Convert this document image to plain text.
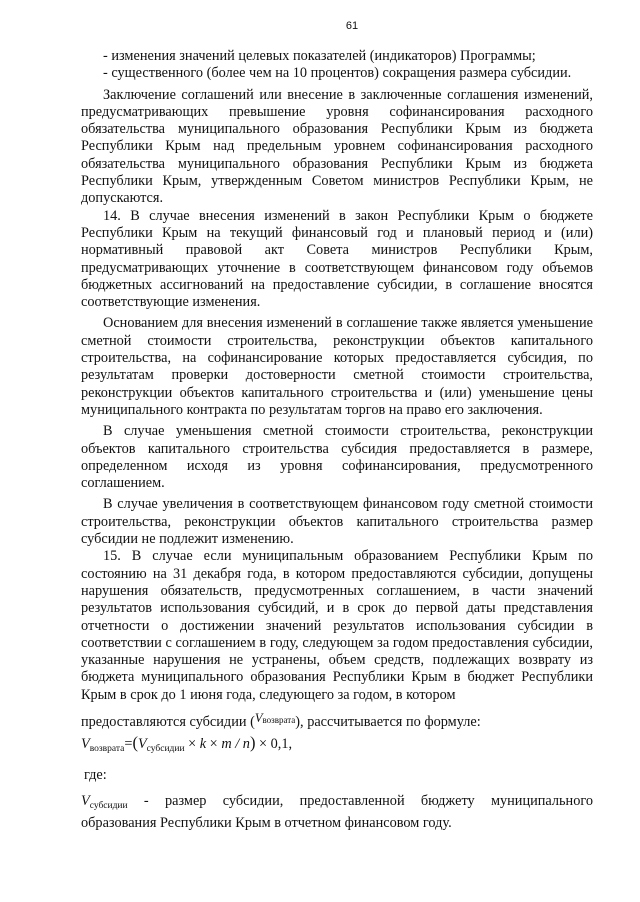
61

- изменения значений целевых показателей (индикаторов) Программы;

- существенного (более чем на 10 процентов) сокращения размера субсидии.

Заключение соглашений или внесение в заключенные соглашения изменений, предусматривающих превышение уровня софинансирования расходного обязательства муниципального образования Республики Крым из бюджета Республики Крым над предельным уровнем софинансирования расходного обязательства муниципального образования Республики Крым из бюджета Республики Крым, утвержденным Советом министров Республики Крым, не допускаются.

14. В случае внесения изменений в закон Республики Крым о бюджете Республики Крым на текущий финансовый год и плановый период и (или) нормативный правовой акт Совета министров Республики Крым, предусматривающих уточнение в соответствующем финансовом году объемов бюджетных ассигнований на предоставление субсидии, в соглашение вносятся соответствующие изменения.

Основанием для внесения изменений в соглашение также является уменьшение сметной стоимости строительства, реконструкции объектов капитального строительства, на софинансирование которых предоставляется субсидия, по результатам проверки достоверности сметной стоимости строительства, реконструкции объектов капитального строительства и (или) уменьшение цены муниципального контракта по результатам торгов на право его заключения.

В случае уменьшения сметной стоимости строительства, реконструкции объектов капитального строительства субсидия предоставляется в размере, определенном исходя из уровня софинансирования, предусмотренного соглашением.

В случае увеличения в соответствующем финансовом году сметной стоимости строительства, реконструкции объектов капитального строительства размер субсидии не подлежит изменению.

15. В случае если муниципальным образованием Республики Крым по состоянию на 31 декабря года, в котором предоставляются субсидии, допущены нарушения обязательств, предусмотренных соглашением, в части значений результатов использования субсидий, и в срок до первой даты представления отчетности о достижении значений результатов использования субсидии в соответствии с соглашением в году, следующем за годом предоставления субсидии, указанные нарушения не устранены, объем средств, подлежащих возврату из бюджета муниципального образования Республики Крым в бюджет Республики Крым в срок до 1 июня года, следующего за годом, в котором

предоставляются субсидии $(V^{возврата})$, рассчитывается по формуле:

$V_{возврата}=(V_{субсидии} \times k \times m / n) \times 0,1$,

где:

$V_{субсидии}$ - размер субсидии, предоставленной бюджету муниципального образования Республики Крым в отчетном финансовом году.
